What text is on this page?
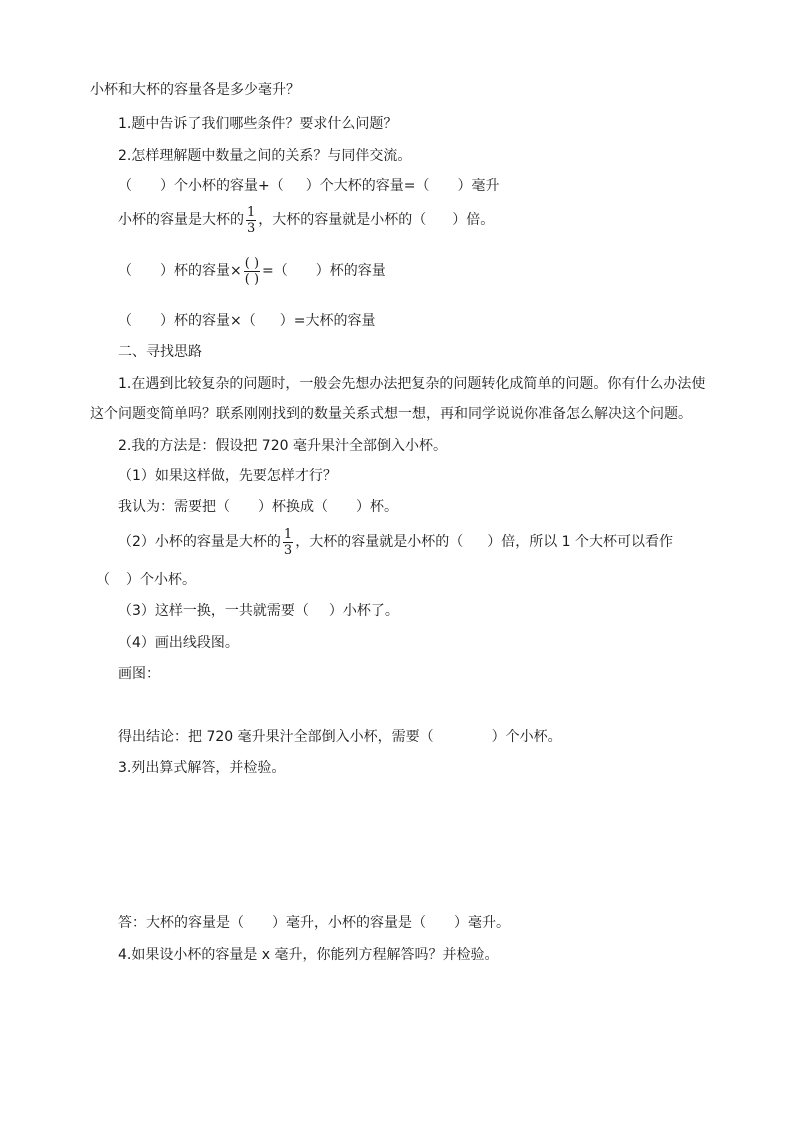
小杯和大杯的容量各是多少毫升？
1.题中告诉了我们哪些条件？要求什么问题？
2.怎样理解题中数量之间的关系？与同伴交流。
（ ）个小杯的容量+（ ）个大杯的容量=（ ）毫升
小杯的容量是大杯的 $\frac{1}{3}$ ，大杯的容量就是小杯的（ ）倍。
（ ）杯的容量× $\frac{( )}{( )}$ =（ ）杯的容量
（ ）杯的容量×（ ）=大杯的容量
二、寻找思路
1.在遇到比较复杂的问题时，一般会先想办法把复杂的问题转化成简单的问题。你有什么办法使
这个问题变简单吗？联系刚刚找到的数量关系式想一想，再和同学说说你准备怎么解决这个问题。
2.我的方法是：假设把 720 毫升果汁全部倒入小杯。
（1）如果这样做，先要怎样才行？
我认为：需要把（ ）杯换成（ ）杯。
（2）小杯的容量是大杯的 $\frac{1}{3}$ ，大杯的容量就是小杯的（ ）倍，所以 1 个大杯可以看作
（ ）个小杯。
（3）这样一换，一共就需要（ ）小杯了。
（4）画出线段图。
画图：
得出结论：把 720 毫升果汁全部倒入小杯，需要（	）个小杯。
3.列出算式解答，并检验。
答：大杯的容量是（ ）毫升，小杯的容量是（ ）毫升。
4.如果设小杯的容量是 x 毫升，你能列方程解答吗？并检验。
